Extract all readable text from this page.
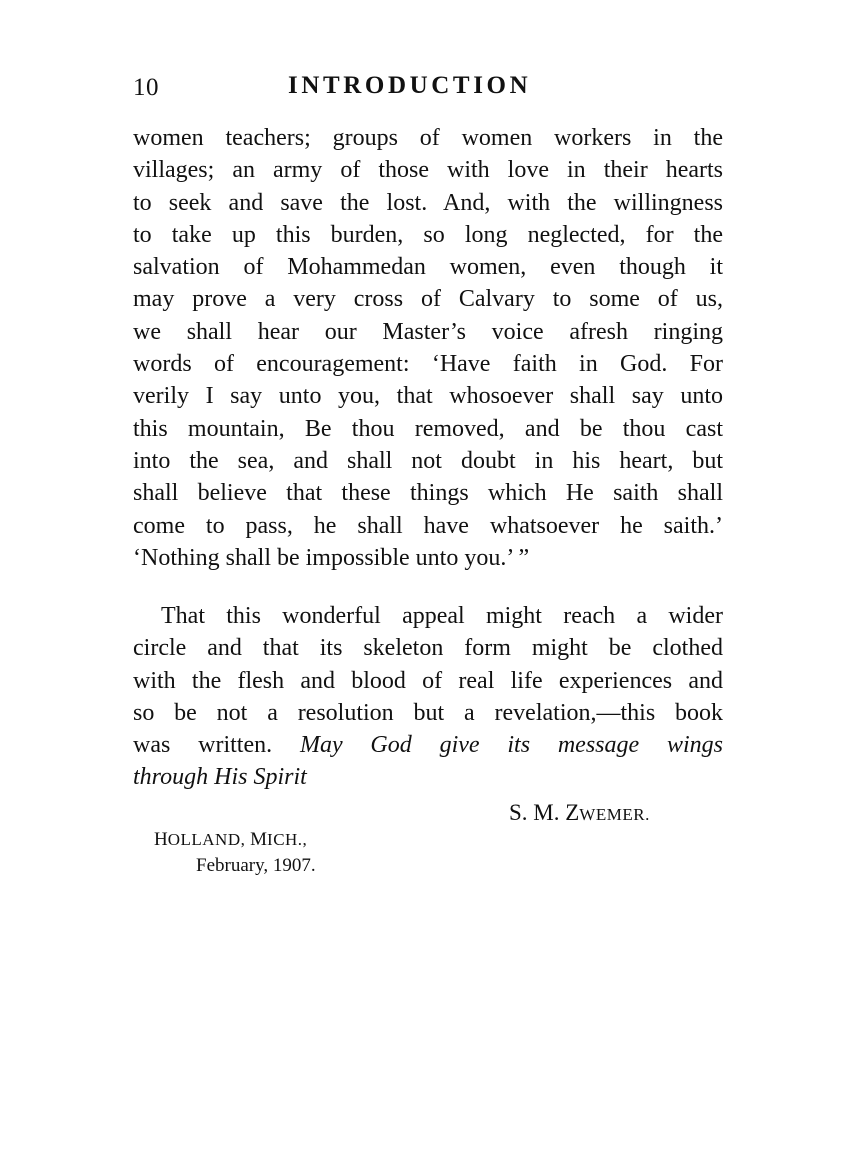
10	INTRODUCTION
women teachers; groups of women workers in the
villages; an army of those with love in their hearts
to seek and save the lost. And, with the willingness
to take up this burden, so long neglected, for the
salvation of Mohammedan women, even though it
may prove a very cross of Calvary to some of us,
we shall hear our Master’s voice afresh ringing
words of encouragement: ‘Have faith in God. For
verily I say unto you, that whosoever shall say unto
this mountain, Be thou removed, and be thou cast
into the sea, and shall not doubt in his heart, but
shall believe that these things which He saith shall
come to pass, he shall have whatsoever he saith.’
‘Nothing shall be impossible unto you.’ ”
That this wonderful appeal might reach a wider
circle and that its skeleton form might be clothed
with the flesh and blood of real life experiences and
so be not a resolution but a revelation,—this book
was written. May God give its message wings
through His Spirit
S. M. ZWEMER.
HOLLAND, MICH.,
February, 1907.
